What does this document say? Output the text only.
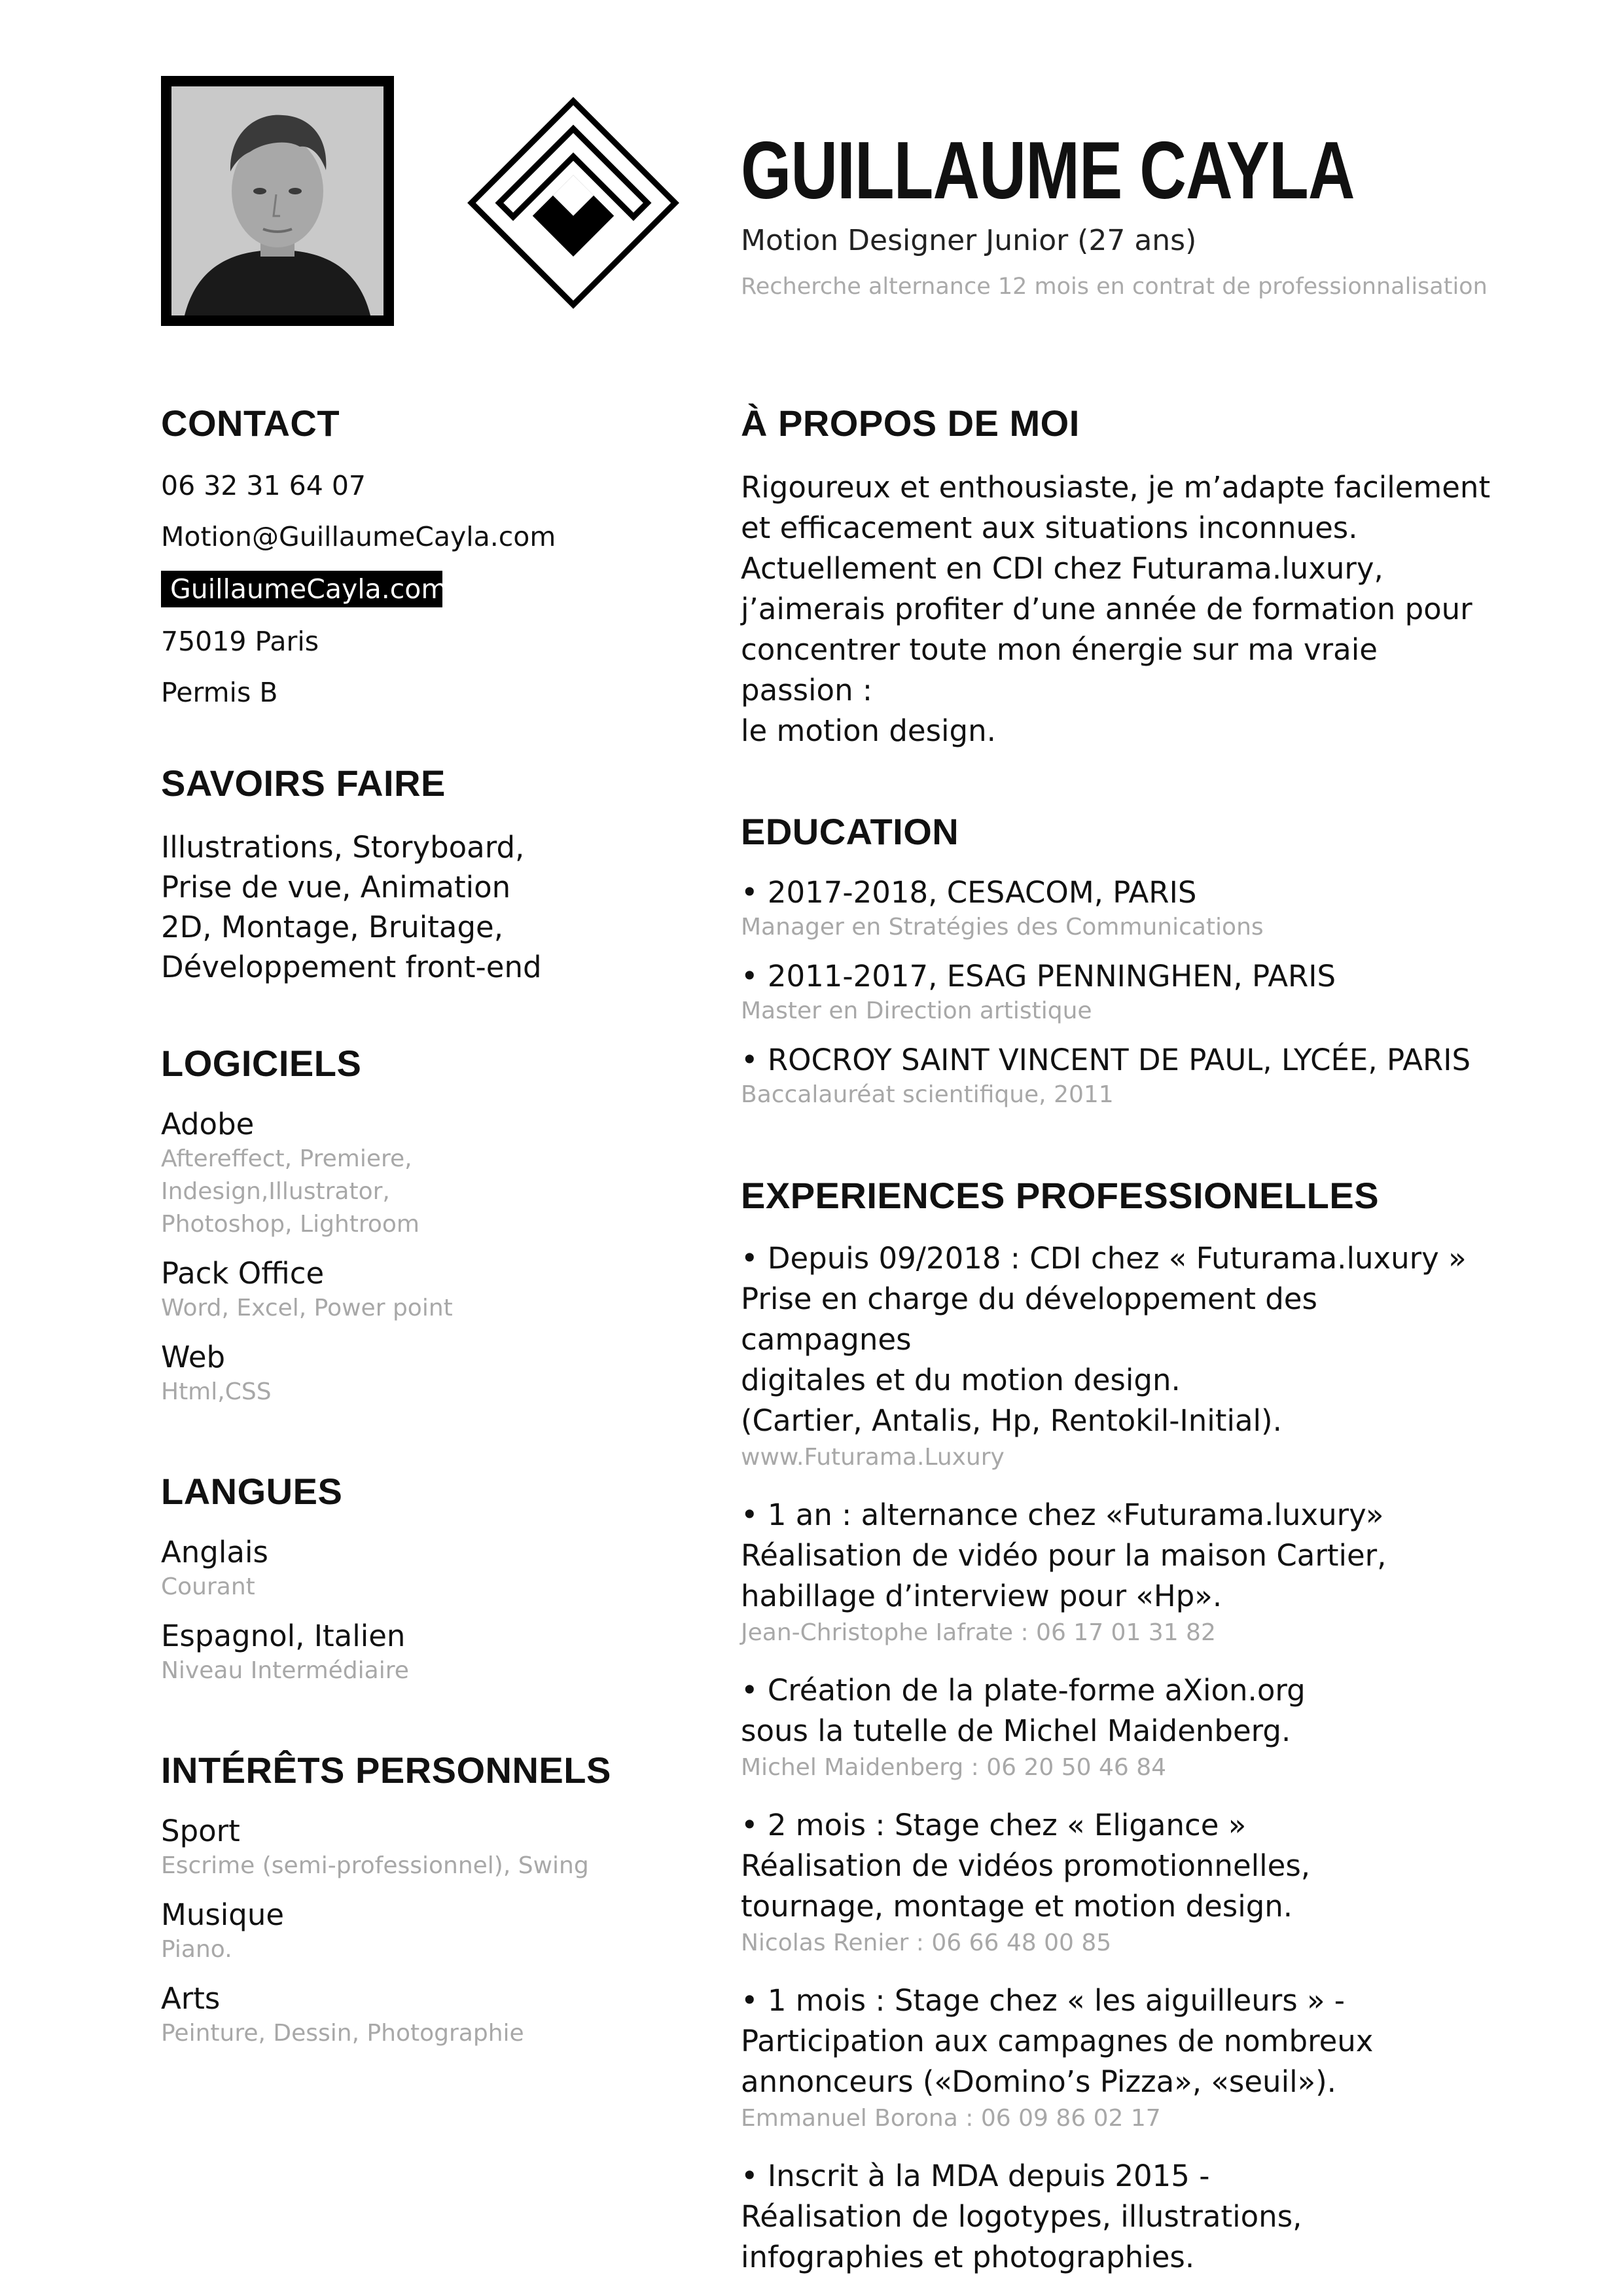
GUILLAUME CAYLA
Motion Designer Junior (27 ans)
Recherche alternance 12 mois en contrat de professionnalisation
CONTACT
06 32 31 64 07
Motion@GuillaumeCayla.com
GuillaumeCayla.com
75019 Paris
Permis B
SAVOIRS FAIRE
Illustrations, Storyboard,
Prise de vue, Animation
2D, Montage, Bruitage,
Développement front-end
LOGICIELS
Adobe
Aftereffect, Premiere,
Indesign,Illustrator,
Photoshop, Lightroom
Pack Office
Word, Excel, Power point
Web
Html,CSS
LANGUES
Anglais
Courant
Espagnol, Italien
Niveau Intermédiaire
INTÉRÊTS PERSONNELS
Sport
Escrime (semi-professionnel), Swing
Musique
Piano.
Arts
Peinture, Dessin, Photographie
À PROPOS DE MOI
Rigoureux et enthousiaste, je m’adapte facilement
et efficacement aux situations inconnues.
Actuellement en CDI chez Futurama.luxury,
j’aimerais profiter d’une année de formation pour
concentrer toute mon énergie sur ma vraie passion :
le motion design.
EDUCATION
• 2017-2018, CESACOM, PARIS
Manager en Stratégies des Communications
• 2011-2017, ESAG PENNINGHEN, PARIS
Master en Direction artistique
• ROCROY SAINT VINCENT DE PAUL, LYCÉE, PARIS
Baccalauréat scientifique, 2011
EXPERIENCES PROFESSIONELLES
• Depuis 09/2018 : CDI chez « Futurama.luxury »
Prise en charge du développement des campagnes
digitales et du motion design.
(Cartier, Antalis, Hp, Rentokil-Initial).
www.Futurama.Luxury
• 1 an : alternance chez «Futurama.luxury»
Réalisation de vidéo pour la maison Cartier,
habillage d’interview pour «Hp».
Jean-Christophe Iafrate : 06 17 01 31 82
• Création de la plate-forme aXion.org
sous la tutelle de Michel Maidenberg.
Michel Maidenberg : 06 20 50 46 84
• 2 mois : Stage chez « Eligance »
Réalisation de vidéos promotionnelles,
tournage, montage et motion design.
Nicolas Renier : 06 66 48 00 85
• 1 mois : Stage chez « les aiguilleurs » -
Participation aux campagnes de nombreux
annonceurs («Domino’s Pizza», «seuil»).
Emmanuel Borona : 06 09 86 02 17
• Inscrit à la MDA depuis 2015 -
Réalisation de logotypes, illustrations,
infographies et photographies.
